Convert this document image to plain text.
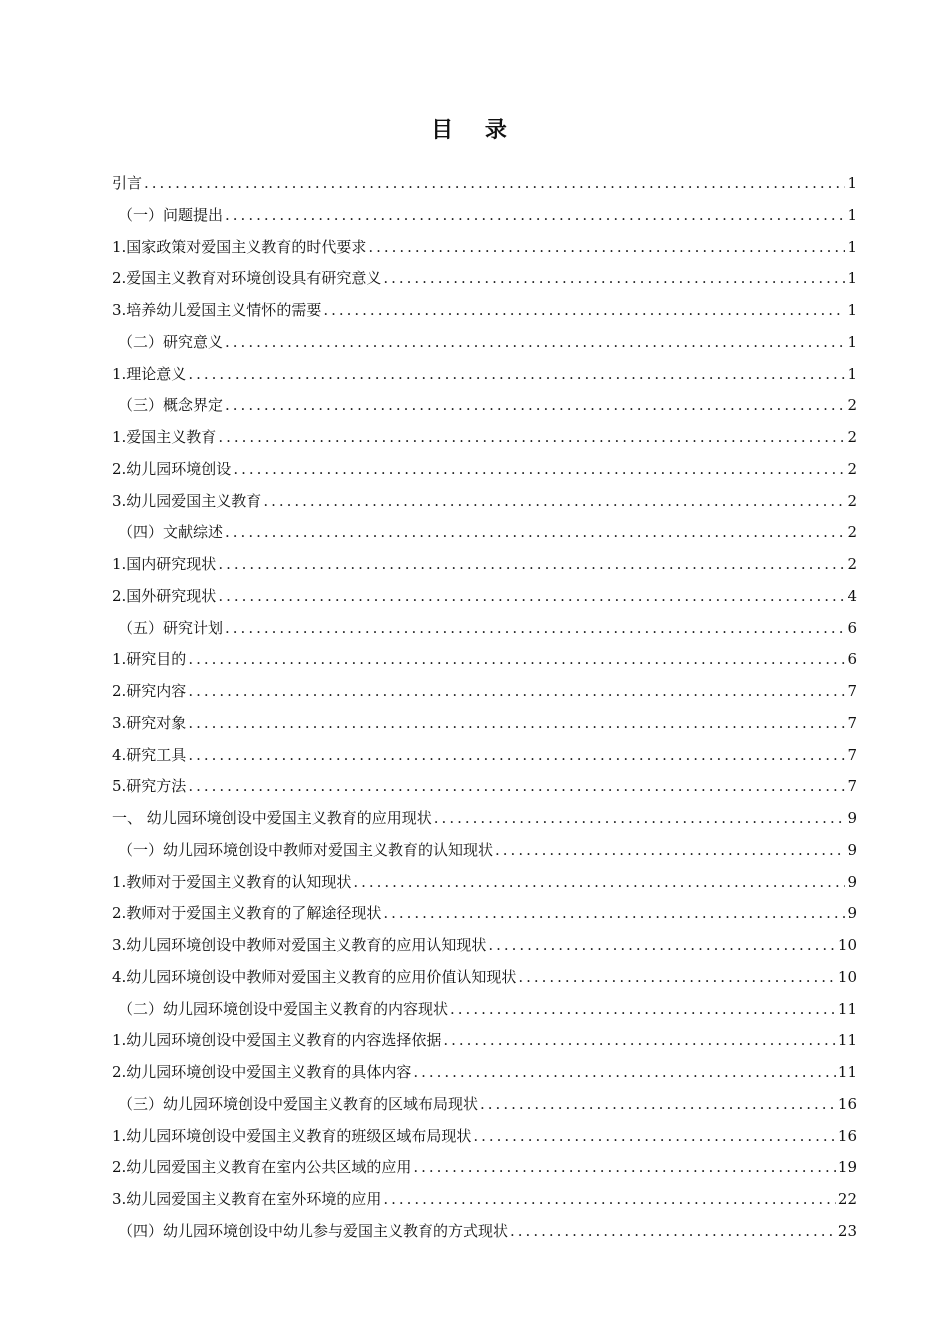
目 录
引言 .....	1
（一）问题提出 .....	1
1.国家政策对爱国主义教育的时代要求 .....	1
2.爱国主义教育对环境创设具有研究意义 .....	1
3.培养幼儿爱国主义情怀的需要 .....	1
（二）研究意义 .....	1
1.理论意义 .....	1
（三）概念界定 .....	2
1.爱国主义教育 .....	2
2.幼儿园环境创设 .....	2
3.幼儿园爱国主义教育 .....	2
（四）文献综述 .....	2
1.国内研究现状 .....	2
2.国外研究现状 .....	4
（五）研究计划 .....	6
1.研究目的 .....	6
2.研究内容 .....	7
3.研究对象 .....	7
4.研究工具 .....	7
5.研究方法 .....	7
一、 幼儿园环境创设中爱国主义教育的应用现状 .....	9
（一）幼儿园环境创设中教师对爱国主义教育的认知现状 .....	9
1.教师对于爱国主义教育的认知现状 .....	9
2.教师对于爱国主义教育的了解途径现状 .....	9
3.幼儿园环境创设中教师对爱国主义教育的应用认知现状 .....	10
4.幼儿园环境创设中教师对爱国主义教育的应用价值认知现状 .....	10
（二）幼儿园环境创设中爱国主义教育的内容现状 .....	11
1.幼儿园环境创设中爱国主义教育的内容选择依据 .....	11
2.幼儿园环境创设中爱国主义教育的具体内容 .....	11
（三）幼儿园环境创设中爱国主义教育的区域布局现状 .....	16
1.幼儿园环境创设中爱国主义教育的班级区域布局现状 .....	16
2.幼儿园爱国主义教育在室内公共区域的应用 .....	19
3.幼儿园爱国主义教育在室外环境的应用 .....	22
（四）幼儿园环境创设中幼儿参与爱国主义教育的方式现状 .....	23
